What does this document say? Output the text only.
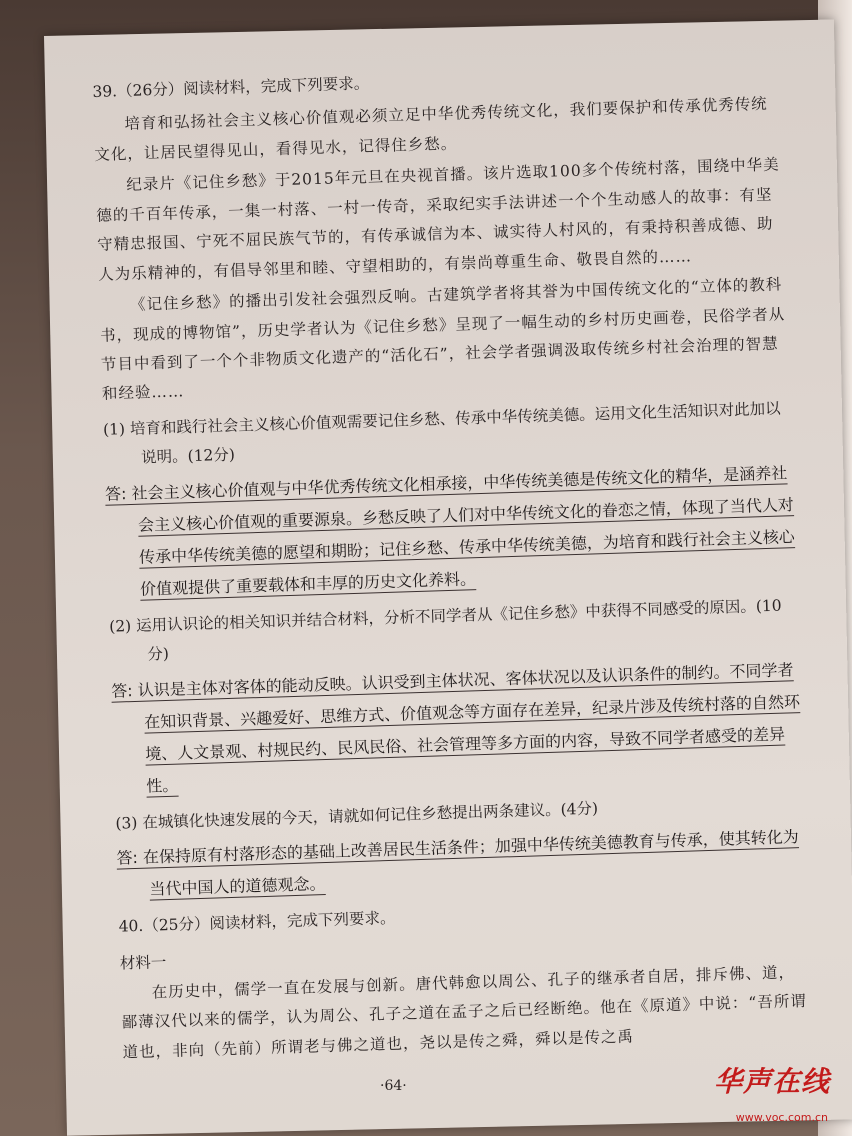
39.（26分）阅读材料，完成下列要求。

培育和弘扬社会主义核心价值观必须立足中华优秀传统文化，我们要保护和传承优秀传统文化，让居民望得见山，看得见水，记得住乡愁。

纪录片《记住乡愁》于2015年元旦在央视首播。该片选取100多个传统村落，围绕中华美德的千百年传承，一集一村落、一村一传奇，采取纪实手法讲述一个个生动感人的故事：有坚守精忠报国、宁死不屈民族气节的，有传承诚信为本、诚实待人村风的，有秉持积善成德、助人为乐精神的，有倡导邻里和睦、守望相助的，有崇尚尊重生命、敬畏自然的……

《记住乡愁》的播出引发社会强烈反响。古建筑学者将其誉为中国传统文化的“立体的教科书，现成的博物馆”，历史学者认为《记住乡愁》呈现了一幅生动的乡村历史画卷，民俗学者从节目中看到了一个个非物质文化遗产的“活化石”，社会学者强调汲取传统乡村社会治理的智慧和经验……

(1) 培育和践行社会主义核心价值观需要记住乡愁、传承中华传统美德。运用文化生活知识对此加以说明。(12分)
答: 社会主义核心价值观与中华优秀传统文化相承接，中华传统美德是传统文化的精华，是涵养社会主义核心价值观的重要源泉。乡愁反映了人们对中华传统文化的眷恋之情，体现了当代人对传承中华传统美德的愿望和期盼；记住乡愁、传承中华传统美德，为培育和践行社会主义核心价值观提供了重要载体和丰厚的历史文化养料。
(2) 运用认识论的相关知识并结合材料，分析不同学者从《记住乡愁》中获得不同感受的原因。(10分)
答: 认识是主体对客体的能动反映。认识受到主体状况、客体状况以及认识条件的制约。不同学者在知识背景、兴趣爱好、思维方式、价值观念等方面存在差异，纪录片涉及传统村落的自然环境、人文景观、村规民约、民风民俗、社会管理等多方面的内容，导致不同学者感受的差异性。
(3) 在城镇化快速发展的今天，请就如何记住乡愁提出两条建议。(4分)
答: 在保持原有村落形态的基础上改善居民生活条件；加强中华传统美德教育与传承，使其转化为当代中国人的道德观念。
40.（25分）阅读材料，完成下列要求。
材料一

在历史中，儒学一直在发展与创新。唐代韩愈以周公、孔子的继承者自居，排斥佛、道，鄙薄汉代以来的儒学，认为周公、孔子之道在孟子之后已经断绝。他在《原道》中说：“吾所谓道也，非向（先前）所谓老与佛之道也，尧以是传之舜，舜以是传之禹

·64·	华声在线
www.voc.com.cn
